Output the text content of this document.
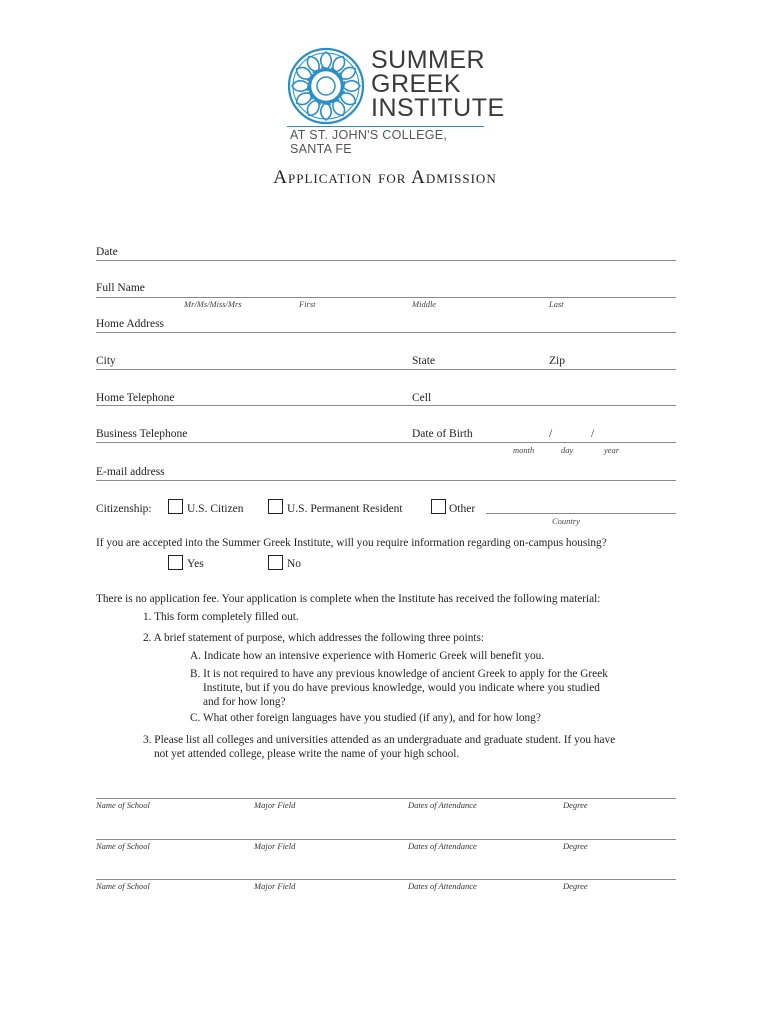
SUMMER
GREEK
INSTITUTE
AT ST. JOHN'S COLLEGE, SANTA FE
Application for Admission
Date
Full Name
Mr/Ms/Miss/Mrs	First	Middle	Last
Home Address
City	State	Zip
Home Telephone	Cell
Business Telephone	Date of Birth	/	/
month	day	year
E-mail address
Citizenship:	U.S. Citizen	U.S. Permanent Resident	Other
Country
If you are accepted into the Summer Greek Institute, will you require information regarding on-campus housing?
Yes	No
There is no application fee. Your application is complete when the Institute has received the following material:
1. This form completely filled out.
2. A brief statement of purpose, which addresses the following three points:
A. Indicate how an intensive experience with Homeric Greek will benefit you.
B. It is not required to have any previous knowledge of ancient Greek to apply for the Greek
Institute, but if you do have previous knowledge, would you indicate where you studied
and for how long?
C. What other foreign languages have you studied (if any), and for how long?
3. Please list all colleges and universities attended as an undergraduate and graduate student. If you have
not yet attended college, please write the name of your high school.
Name of School	Major Field	Dates of Attendance	Degree
Name of School	Major Field	Dates of Attendance	Degree
Name of School	Major Field	Dates of Attendance	Degree
